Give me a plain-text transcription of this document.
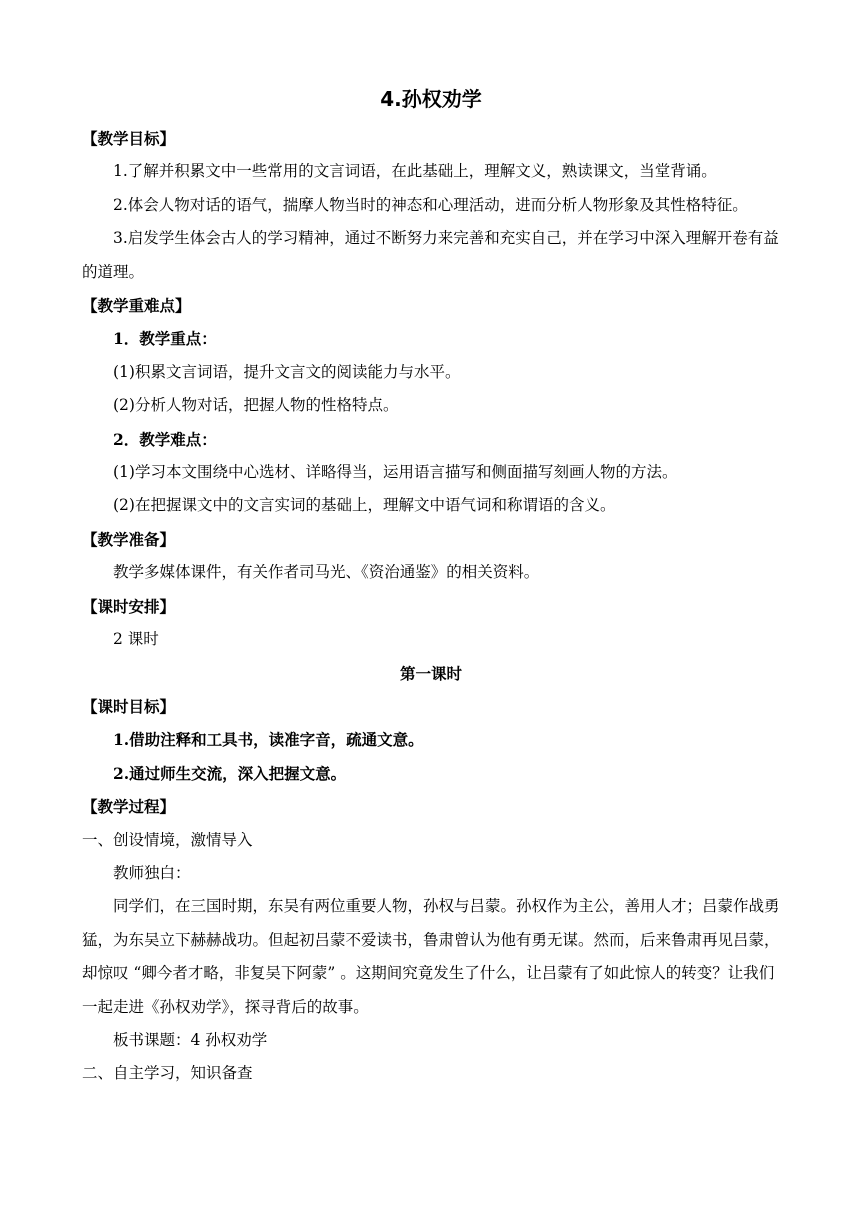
4.孙权劝学
【教学目标】
1.了解并积累文中一些常用的文言词语，在此基础上，理解文义，熟读课文，当堂背诵。
2.体会人物对话的语气，揣摩人物当时的神态和心理活动，进而分析人物形象及其性格特征。
3.启发学生体会古人的学习精神，通过不断努力来完善和充实自己，并在学习中深入理解开卷有益的道理。
【教学重难点】
1．教学重点：
(1)积累文言词语，提升文言文的阅读能力与水平。
(2)分析人物对话，把握人物的性格特点。
2．教学难点：
(1)学习本文围绕中心选材、详略得当，运用语言描写和侧面描写刻画人物的方法。
(2)在把握课文中的文言实词的基础上，理解文中语气词和称谓语的含义。
【教学准备】
教学多媒体课件，有关作者司马光、《资治通鉴》的相关资料。
【课时安排】
2 课时
第一课时
【课时目标】
1.借助注释和工具书，读准字音，疏通文意。
2.通过师生交流，深入把握文意。
【教学过程】
一、创设情境，激情导入
教师独白：
同学们，在三国时期，东吴有两位重要人物，孙权与吕蒙。孙权作为主公，善用人才；吕蒙作战勇猛，为东吴立下赫赫战功。但起初吕蒙不爱读书，鲁肃曾认为他有勇无谋。然而，后来鲁肃再见吕蒙，却惊叹 “卿今者才略，非复吴下阿蒙” 。这期间究竟发生了什么，让吕蒙有了如此惊人的转变？让我们一起走进《孙权劝学》，探寻背后的故事。
板书课题：4 孙权劝学
二、自主学习，知识备查
